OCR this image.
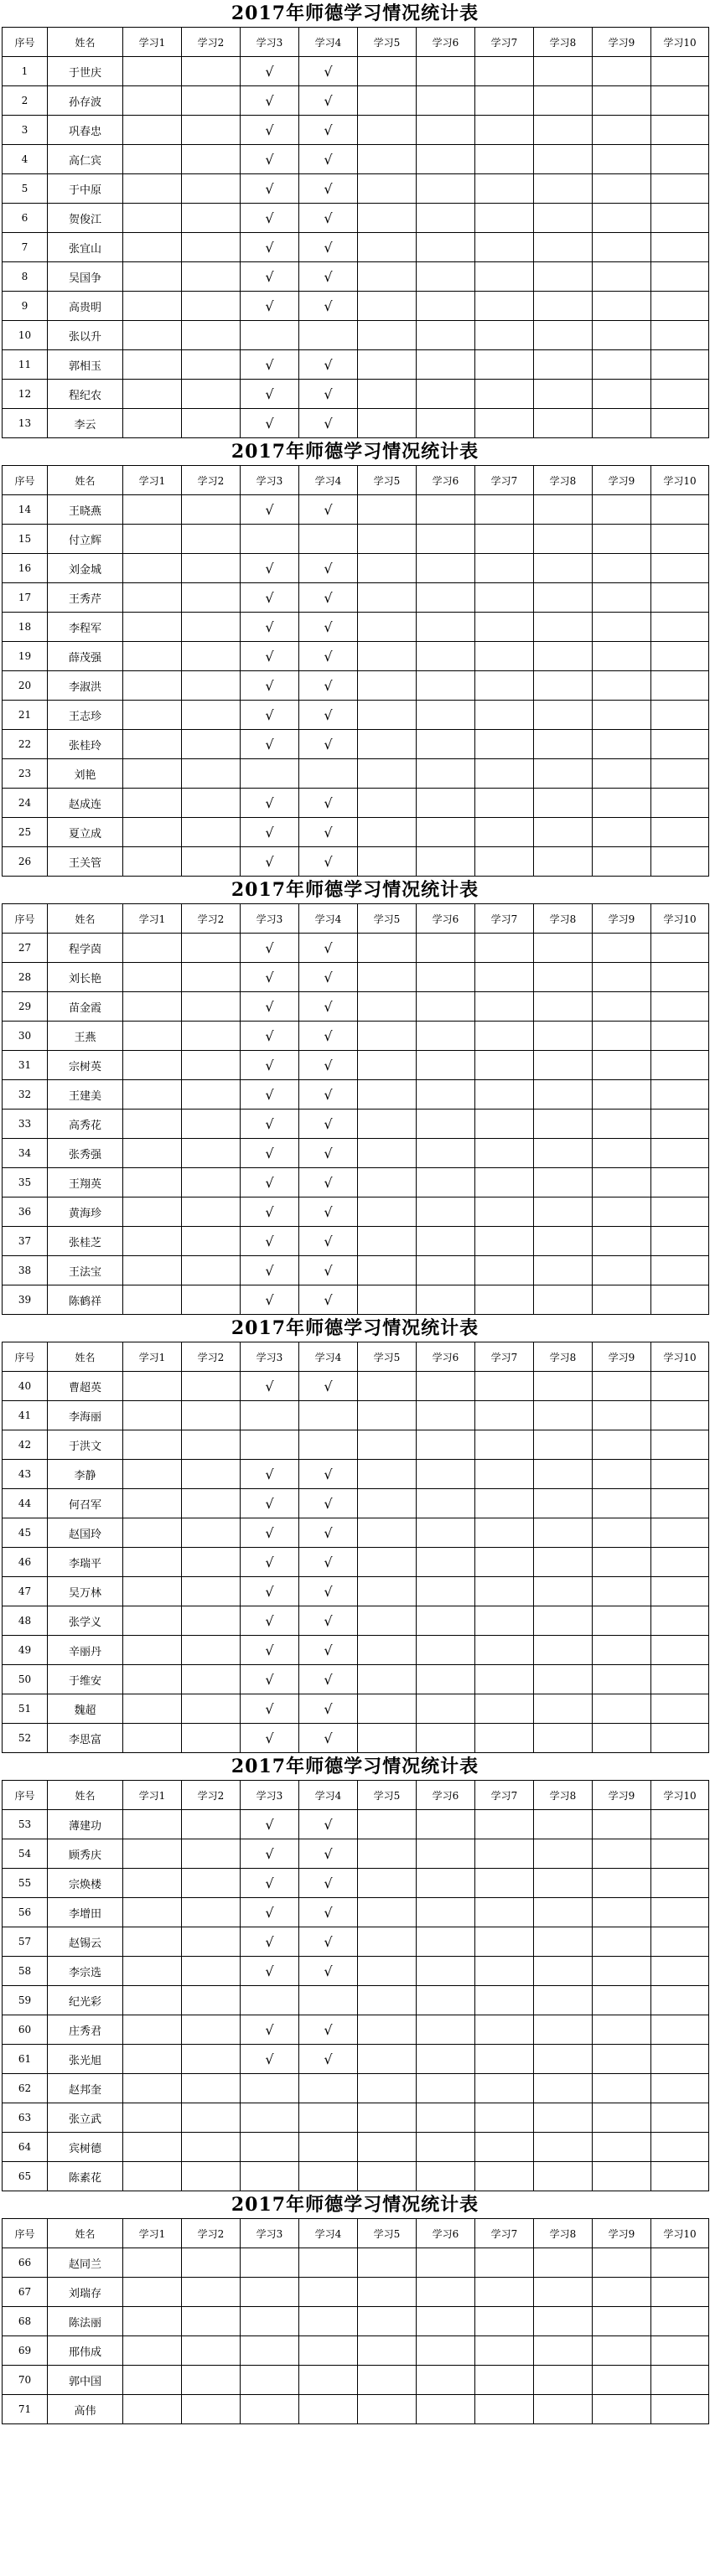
2017年师德学习情况统计表
序号	姓名	学习1	学习2	学习3	学习4	学习5	学习6	学习7	学习8	学习9	学习10
1	于世庆			√	√						
2	孙存波			√	√						
3	巩春忠			√	√						
4	高仁宾			√	√						
5	于中原			√	√						
6	贺俊江			√	√						
7	张宜山			√	√						
8	吴国争			√	√						
9	高贵明			√	√						
10	张以升										
11	郭相玉			√	√						
12	程纪农			√	√						
13	李云			√	√						
2017年师德学习情况统计表
序号	姓名	学习1	学习2	学习3	学习4	学习5	学习6	学习7	学习8	学习9	学习10
14	王晓燕			√	√						
15	付立辉										
16	刘金城			√	√						
17	王秀芹			√	√						
18	李程军			√	√						
19	薛茂强			√	√						
20	李淑洪			√	√						
21	王志珍			√	√						
22	张桂玲			√	√						
23	刘艳										
24	赵成连			√	√						
25	夏立成			√	√						
26	王关管			√	√						
2017年师德学习情况统计表
序号	姓名	学习1	学习2	学习3	学习4	学习5	学习6	学习7	学习8	学习9	学习10
27	程学茵			√	√						
28	刘长艳			√	√						
29	苗金霞			√	√						
30	王燕			√	√						
31	宗树英			√	√						
32	王建美			√	√						
33	高秀花			√	√						
34	张秀强			√	√						
35	王翔英			√	√						
36	黄海珍			√	√						
37	张桂芝			√	√						
38	王法宝			√	√						
39	陈鹤祥			√	√						
2017年师德学习情况统计表
序号	姓名	学习1	学习2	学习3	学习4	学习5	学习6	学习7	学习8	学习9	学习10
40	曹超英			√	√						
41	李海丽										
42	于洪文										
43	李静			√	√						
44	何召军			√	√						
45	赵国玲			√	√						
46	李瑞平			√	√						
47	吴万林			√	√						
48	张学义			√	√						
49	辛丽丹			√	√						
50	于维安			√	√						
51	魏超			√	√						
52	李思富			√	√						
2017年师德学习情况统计表
序号	姓名	学习1	学习2	学习3	学习4	学习5	学习6	学习7	学习8	学习9	学习10
53	薄建功			√	√						
54	顾秀庆			√	√						
55	宗焕楼			√	√						
56	李增田			√	√						
57	赵锡云			√	√						
58	李宗选			√	√						
59	纪光彩										
60	庄秀君			√	√						
61	张光旭			√	√						
62	赵邦奎										
63	张立武										
64	宾树德										
65	陈素花										
2017年师德学习情况统计表
序号	姓名	学习1	学习2	学习3	学习4	学习5	学习6	学习7	学习8	学习9	学习10
66	赵同兰										
67	刘瑞存										
68	陈法丽										
69	邢伟成										
70	郭中国										
71	高伟										
